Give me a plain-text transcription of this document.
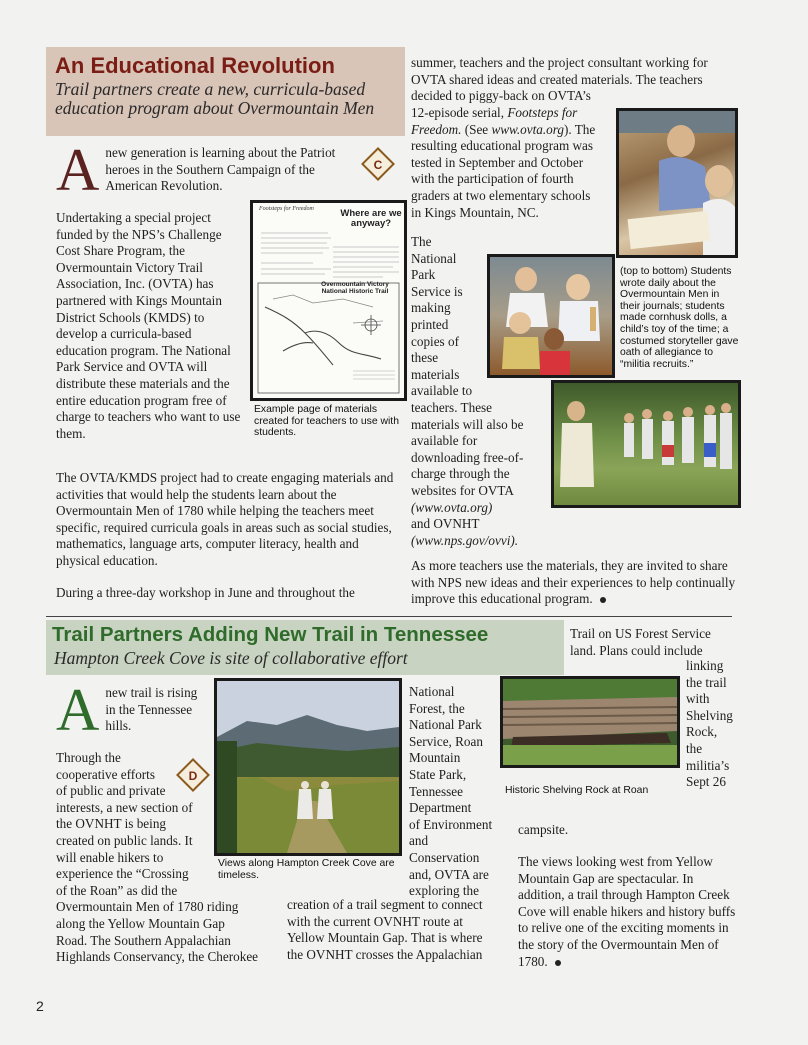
An Educational Revolution
Trail partners create a new, curricula-based
education program about Overmountain Men
A new generation is learning about the Patriot heroes in the Southern Campaign of the American Revolution.
C
Undertaking a special project funded by the NPS’s Challenge Cost Share Program, the Overmountain Victory Trail Association, Inc. (OVTA) has partnered with Kings Mountain District Schools (KMDS) to develop a curricula-based education program. The National Park Service and OVTA will distribute these materials and the entire education program free of charge to teachers who want to use them.
Footsteps for Freedom	Where are we anyway?
Overmountain Victory National Historic Trail
Example page of materials created for teachers to use with students.
The OVTA/KMDS project had to create engaging materials and activities that would help the students learn about the Overmountain Men of 1780 while helping the teachers meet specific, required curricula goals in areas such as social studies, mathematics, language arts, computer literacy, health and physical education.
During a three-day workshop in June and throughout the
summer, teachers and the project consultant working for
OVTA shared ideas and created materials. The teachers
decided to piggy-back on OVTA’s
12-episode serial, Footsteps for
Freedom. (See www.ovta.org). The
resulting educational program was
tested in September and October
with the participation of fourth
graders at two elementary schools
in Kings Mountain, NC.
The
National
Park
Service is
making
printed
copies of
these
materials
available to
teachers. These
materials will also be
available for
downloading free-of-
charge through the
websites for OVTA
(www.ovta.org)
and OVNHT
(www.nps.gov/ovvi).
(top to bottom) Students wrote daily about the Overmountain Men in their journals; students made cornhusk dolls, a child’s toy of the time; a costumed storyteller gave oath of allegiance to “militia recruits.”
As more teachers use the materials, they are invited to share with NPS new ideas and their experiences to help continually improve this educational program.
Trail Partners Adding New Trail in Tennessee
Hampton Creek Cove is site of collaborative effort
Trail on US Forest Service
land. Plans could include
linking
the trail
with
Shelving
Rock,
the
militia’s
Sept 26
A new trail is rising in the Tennessee hills.
D
Through the
cooperative efforts
of public and private
interests, a new section of
the OVNHT is being
created on public lands. It
will enable hikers to
experience the “Crossing
of the Roan” as did the
Overmountain Men of 1780 riding
along the Yellow Mountain Gap
Road. The Southern Appalachian
Highlands Conservancy, the Cherokee
Views along Hampton Creek Cove are timeless.
National
Forest, the
National Park
Service, Roan
Mountain
State Park,
Tennessee
Department
of Environment
and
Conservation
and, OVTA are
exploring the
creation of a trail segment to connect
with the current OVNHT route at
Yellow Mountain Gap. That is where
the OVNHT crosses the Appalachian
Historic Shelving Rock at Roan
campsite.
The views looking west from Yellow Mountain Gap are spectacular. In addition, a trail through Hampton Creek Cove will enable hikers and history buffs to relive one of the exciting moments in the story of the Overmountain Men of 1780.
2
